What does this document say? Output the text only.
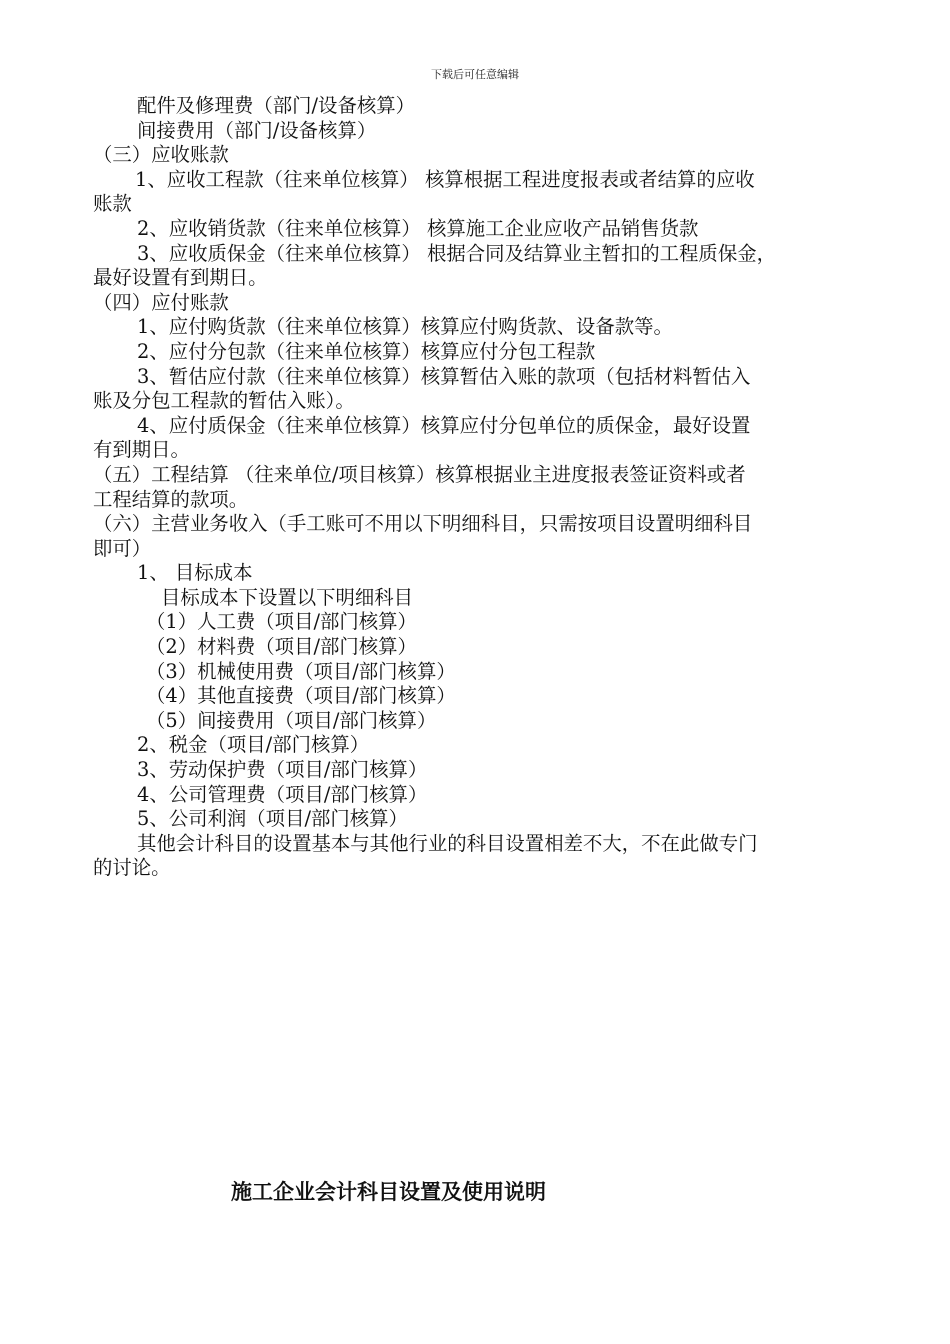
下载后可任意编辑
配件及修理费（部门/设备核算）
间接费用（部门/设备核算）
（三）应收账款
1、应收工程款（往来单位核算） 核算根据工程进度报表或者结算的应收
账款
2、应收销货款（往来单位核算） 核算施工企业应收产品销售货款
3、应收质保金（往来单位核算） 根据合同及结算业主暂扣的工程质保金，
最好设置有到期日。
（四）应付账款
1、应付购货款（往来单位核算）核算应付购货款、设备款等。
2、应付分包款（往来单位核算）核算应付分包工程款
3、暂估应付款（往来单位核算）核算暂估入账的款项（包括材料暂估入
账及分包工程款的暂估入账）。
4、应付质保金（往来单位核算）核算应付分包单位的质保金，最好设置
有到期日。
（五）工程结算 （往来单位/项目核算）核算根据业主进度报表签证资料或者
工程结算的款项。
（六）主营业务收入（手工账可不用以下明细科目，只需按项目设置明细科目
即可）
1、 目标成本
目标成本下设置以下明细科目
（1）人工费（项目/部门核算）
（2）材料费（项目/部门核算）
（3）机械使用费（项目/部门核算）
（4）其他直接费（项目/部门核算）
（5）间接费用（项目/部门核算）
2、税金（项目/部门核算）
3、劳动保护费（项目/部门核算）
4、公司管理费（项目/部门核算）
5、公司利润（项目/部门核算）
其他会计科目的设置基本与其他行业的科目设置相差不大，不在此做专门
的讨论。
施工企业会计科目设置及使用说明
